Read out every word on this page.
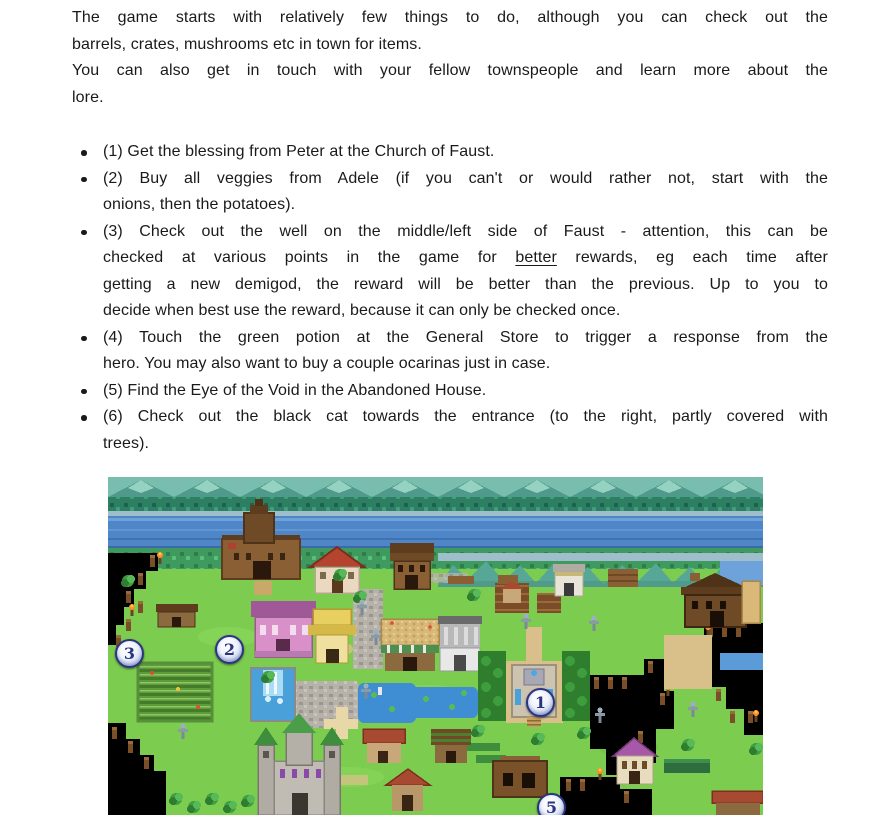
The game starts with relatively few things to do, although you can check out the
barrels, crates, mushrooms etc in town for items.
You can also get in touch with your fellow townspeople and learn more about the
lore.
(1) Get the blessing from Peter at the Church of Faust.
(2) Buy all veggies from Adele (if you can't or would rather not, start with the
onions, then the potatoes).
(3) Check out the well on the middle/left side of Faust - attention, this can be
checked at various points in the game for better rewards, eg each time after
getting a new demigod, the reward will be better than the previous. Up to you to
decide when best use the reward, because it can only be checked once.
(4) Touch the green potion at the General Store to trigger a response from the
hero. You may also want to buy a couple ocarinas just in case.
(5) Find the Eye of the Void in the Abandoned House.
(6) Check out the black cat towards the entrance (to the right, partly covered with
trees).
3	2
1
5
